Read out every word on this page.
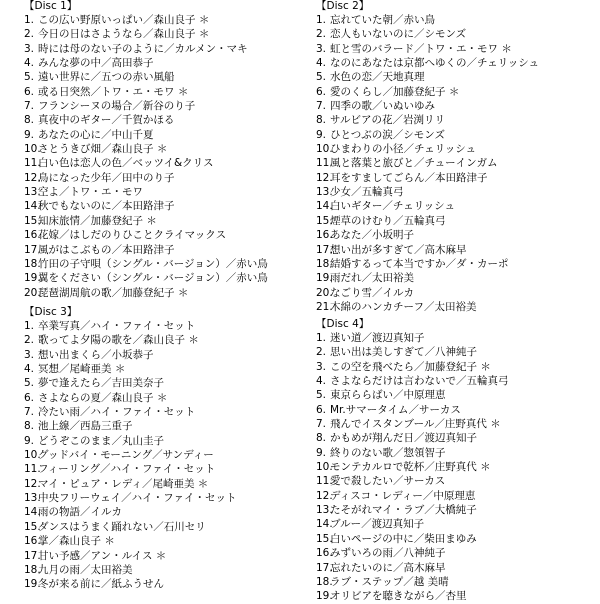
【Disc 1】
1. この広い野原いっぱい／森山良子 ＊
2. 今日の日はさようなら／森山良子 ＊
3. 時には母のない子のように／カルメン・マキ
4. みんな夢の中／高田恭子
5. 遠い世界に／五つの赤い風船
6. 或る日突然／トワ・エ・モワ ＊
7. フランシーヌの場合／新谷のり子
8. 真夜中のギター／千賀かほる
9. あなたの心に／中山千夏
10.
さとうきび畑／森山良子 ＊
11.
白い色は恋人の色／ベッツイ&クリス
12.
鳥になった少年／田中のり子
13.
空よ／トワ・エ・モワ
14.
秋でもないのに／本田路津子
15.
知床旅情／加藤登紀子 ＊
16.
花嫁／はしだのりひことクライマックス
17.
風がはこぶもの／本田路津子
18.
竹田の子守唄（シングル・バージョン）／赤い鳥
19.
翼をください（シングル・バージョン）／赤い鳥
20.
琵琶湖周航の歌／加藤登紀子 ＊
【Disc 2】
1. 忘れていた朝／赤い鳥
2. 恋人もいないのに／シモンズ
3. 虹と雪のバラード／トワ・エ・モワ ＊
4. なのにあなたは京都へゆくの／チェリッシュ
5. 水色の恋／天地真理
6. 愛のくらし／加藤登紀子 ＊
7. 四季の歌／いぬいゆみ
8. サルビアの花／岩渕リリ
9. ひとつぶの涙／シモンズ
10.
ひまわりの小径／チェリッシュ
11.
風と落葉と旅びと／チューインガム
12.
耳をすましてごらん／本田路津子
13.
少女／五輪真弓
14.
白いギター／チェリッシュ
15.
煙草のけむり／五輪真弓
16.
あなた／小坂明子
17.
想い出が多すぎて／高木麻早
18.
結婚するって本当ですか／ダ・カーポ
19.
雨だれ／太田裕美
20.
なごり雪／イルカ
21.
木綿のハンカチーフ／太田裕美
【Disc 3】
1. 卒業写真／ハイ・ファイ・セット
2. 歌ってよ夕陽の歌を／森山良子 ＊
3. 想い出まくら／小坂恭子
4. 冥想／尾崎亜美 ＊
5. 夢で逢えたら／吉田美奈子
6. さよならの夏／森山良子 ＊
7. 冷たい雨／ハイ・ファイ・セット
8. 池上線／西島三重子
9. どうぞこのまま／丸山圭子
10.
グッドバイ・モーニング／サンディー
11.
フィーリング／ハイ・ファイ・セット
12.
マイ・ピュア・レディ／尾崎亜美 ＊
13.
中央フリーウェイ／ハイ・ファイ・セット
14.
雨の物語／イルカ
15.
ダンスはうまく踊れない／石川セリ
16.
掌／森山良子 ＊
17.
甘い予感／アン・ルイス ＊
18.
九月の雨／太田裕美
19.
冬が来る前に／紙ふうせん
【Disc 4】
1. 迷い道／渡辺真知子
2. 思い出は美しすぎて／八神純子
3. この空を飛べたら／加藤登紀子 ＊
4. さよならだけは言わないで／五輪真弓
5. 東京ららばい／中原理恵
6. Mr.サマータイム／サーカス
7. 飛んでイスタンブール／庄野真代 ＊
8. かもめが翔んだ日／渡辺真知子
9. 終りのない歌／惣領智子
10.
モンテカルロで乾杯／庄野真代 ＊
11.
愛で殺したい／サーカス
12.
ディスコ・レディー／中原理恵
13.
たそがれマイ・ラブ／大橋純子
14.
ブルー／渡辺真知子
15.
白いページの中に／柴田まゆみ
16.
みずいろの雨／八神純子
17.
忘れたいのに／高木麻早
18.
ラブ・ステップ／越 美晴
19.
オリビアを聴きながら／杏里
